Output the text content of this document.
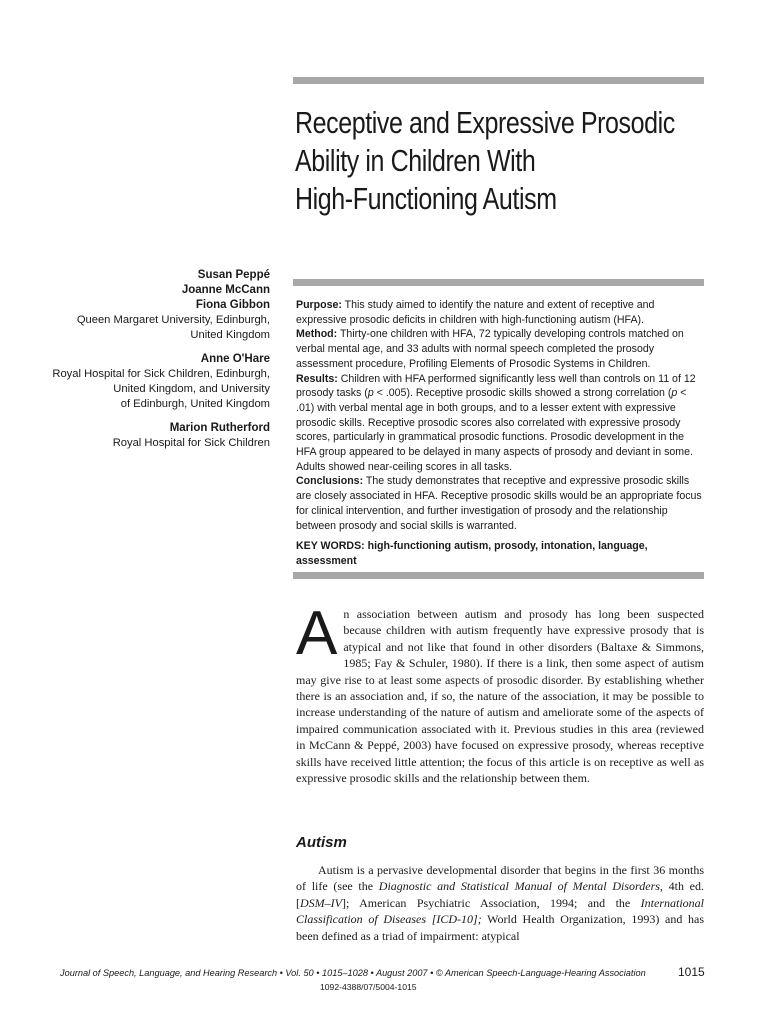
Receptive and Expressive Prosodic
Ability in Children With
High-Functioning Autism
Susan Peppé
Joanne McCann
Fiona Gibbon
Queen Margaret University, Edinburgh,
United Kingdom
Anne O'Hare
Royal Hospital for Sick Children, Edinburgh,
United Kingdom, and University
of Edinburgh, United Kingdom
Marion Rutherford
Royal Hospital for Sick Children

Purpose: This study aimed to identify the nature and extent of receptive and expressive prosodic deficits in children with high-functioning autism (HFA).

Method: Thirty-one children with HFA, 72 typically developing controls matched on verbal mental age, and 33 adults with normal speech completed the prosody assessment procedure, Profiling Elements of Prosodic Systems in Children.

Results: Children with HFA performed significantly less well than controls on 11 of 12 prosody tasks (p < .005). Receptive prosodic skills showed a strong correlation (p < .01) with verbal mental age in both groups, and to a lesser extent with expressive prosodic skills. Receptive prosodic scores also correlated with expressive prosody scores, particularly in grammatical prosodic functions. Prosodic development in the HFA group appeared to be delayed in many aspects of prosody and deviant in some. Adults showed near-ceiling scores in all tasks.

Conclusions: The study demonstrates that receptive and expressive prosodic skills are closely associated in HFA. Receptive prosodic skills would be an appropriate focus for clinical intervention, and further investigation of prosody and the relationship between prosody and social skills is warranted.

KEY WORDS: high-functioning autism, prosody, intonation, language, assessment

An association between autism and prosody has long been suspected because children with autism frequently have expressive prosody that is atypical and not like that found in other disorders (Baltaxe & Simmons, 1985; Fay & Schuler, 1980). If there is a link, then some aspect of autism may give rise to at least some aspects of prosodic disorder. By establishing whether there is an association and, if so, the nature of the association, it may be possible to increase understanding of the nature of autism and ameliorate some of the aspects of impaired communication associated with it. Previous studies in this area (reviewed in McCann & Peppé, 2003) have focused on expressive prosody, whereas receptive skills have received little attention; the focus of this article is on receptive as well as expressive prosodic skills and the relationship between them.
Autism
Autism is a pervasive developmental disorder that begins in the first 36 months of life (see the Diagnostic and Statistical Manual of Mental Disorders, 4th ed. [DSM–IV]; American Psychiatric Association, 1994; and the International Classification of Diseases [ICD-10]; World Health Organization, 1993) and has been defined as a triad of impairment: atypical
Journal of Speech, Language, and Hearing Research • Vol. 50 • 1015–1028 • August 2007 • © American Speech-Language-Hearing Association	1015
1092-4388/07/5004-1015
